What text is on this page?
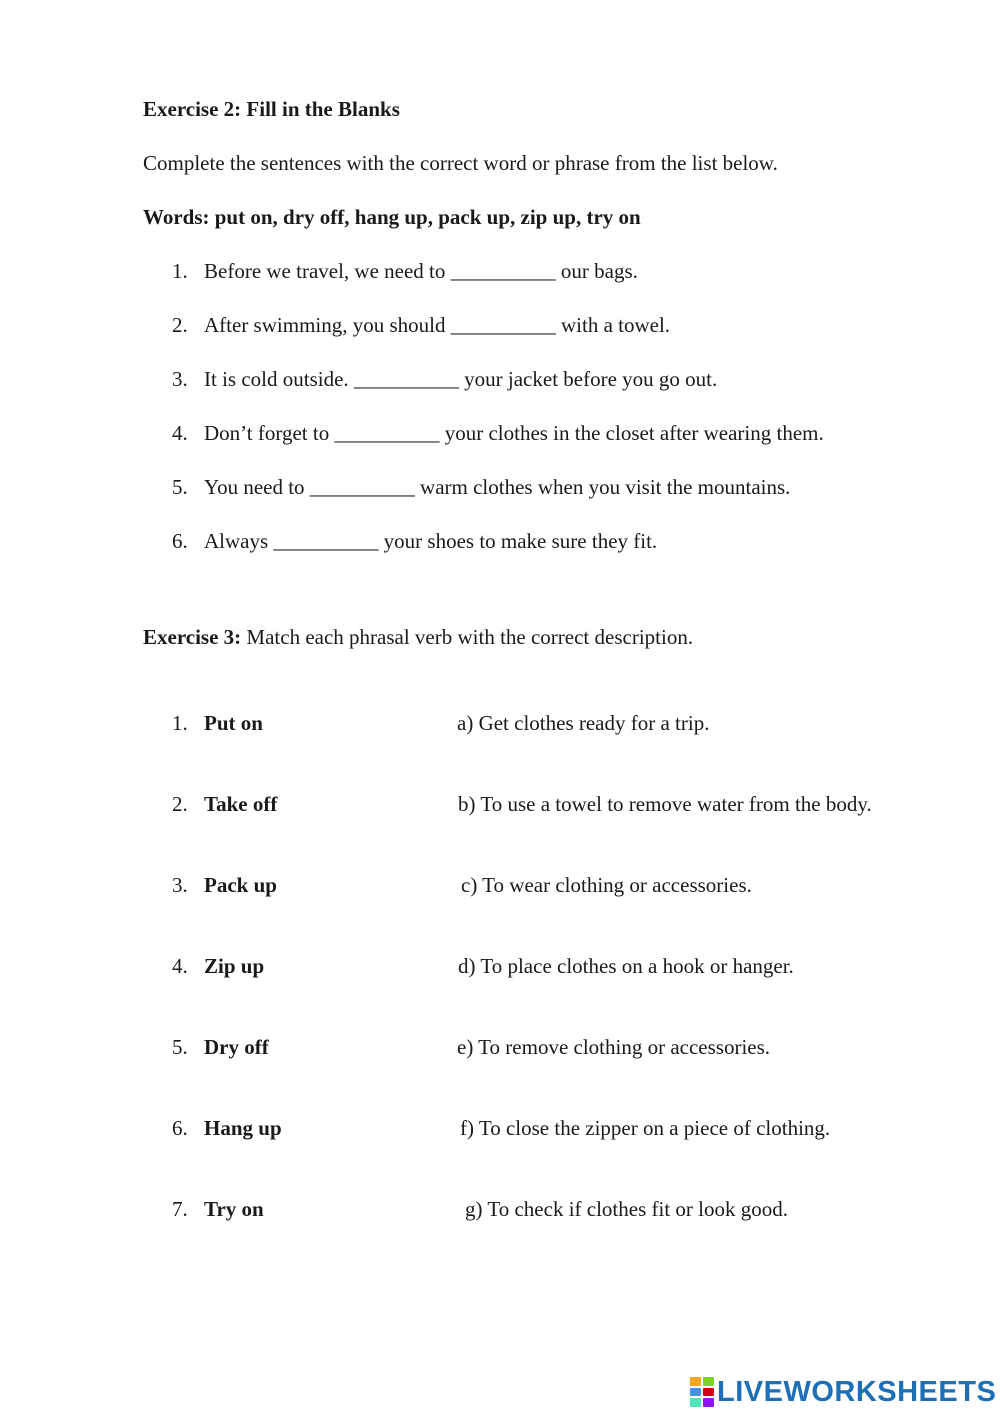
Exercise 2: Fill in the Blanks
Complete the sentences with the correct word or phrase from the list below.
Words: put on, dry off, hang up, pack up, zip up, try on
1. Before we travel, we need to __________ our bags.
2. After swimming, you should __________ with a towel.
3. It is cold outside. __________ your jacket before you go out.
4. Don’t forget to __________ your clothes in the closet after wearing them.
5. You need to __________ warm clothes when you visit the mountains.
6. Always __________ your shoes to make sure they fit.
Exercise 3: Match each phrasal verb with the correct description.
1. Put on	a) Get clothes ready for a trip.
2. Take off	b) To use a towel to remove water from the body.
3. Pack up	c) To wear clothing or accessories.
4. Zip up	d) To place clothes on a hook or hanger.
5. Dry off	e) To remove clothing or accessories.
6. Hang up	f) To close the zipper on a piece of clothing.
7. Try on	g) To check if clothes fit or look good.
LIVEWORKSHEETS
